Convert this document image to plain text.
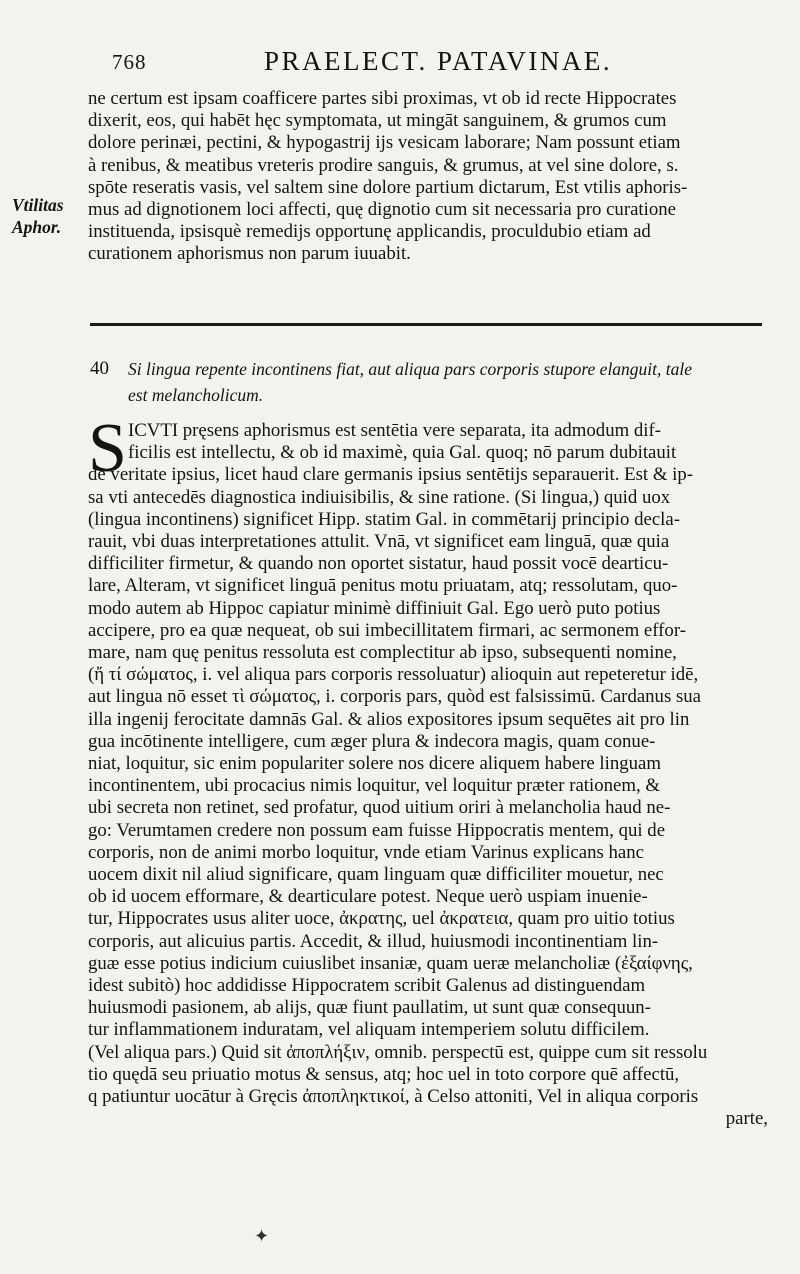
768	PRAELECT. PATAVINAE.
ne certum est ipsam coafficere partes sibi proximas, vt ob id recte Hippocrates
dixerit, eos, qui habēt hęc symptomata, ut mingāt sanguinem, & grumos cum
dolore perinæi, pectini, & hypogastrij ijs vesicam laborare; Nam possunt etiam
à renibus, & meatibus vreteris prodire sanguis, & grumus, at vel sine dolore, s.
spōte reseratis vasis, vel saltem sine dolore partium dictarum, Est vtilis aphoris-
mus ad dignotionem loci affecti, quę dignotio cum sit necessaria pro curatione
instituenda, ipsisquè remedijs opportunę applicandis, proculdubio etiam ad
curationem aphorismus non parum iuuabit.
Vtilitas
Aphor.
40 Si lingua repente incontinens fiat, aut aliqua pars corporis stupore elanguit, tale
est melancholicum.
S ICVTI pręsens aphorismus est sentētia vere separata, ita admodum dif-
ficilis est intellectu, & ob id maximè, quia Gal. quoq; nō parum dubitauit
de veritate ipsius, licet haud clare germanis ipsius sentētijs separauerit. Est & ip-
sa vti antecedēs diagnostica indiuisibilis, & sine ratione. (Si lingua,) quid uox
(lingua incontinens) significet Hipp. statim Gal. in commētarij principio decla-
rauit, vbi duas interpretationes attulit. Vnā, vt significet eam linguā, quæ quia
difficiliter firmetur, & quando non oportet sistatur, haud possit vocē dearticu-
lare, Alteram, vt significet linguā penitus motu priuatam, atq; ressolutam, quo-
modo autem ab Hippoc capiatur minimè diffiniuit Gal. Ego uerò puto potius
accipere, pro ea quæ nequeat, ob sui imbecillitatem firmari, ac sermonem effor-
mare, nam quę penitus ressoluta est complectitur ab ipso, subsequenti nomine,
(ἤ τί σώματος, i. vel aliqua pars corporis ressoluatur) alioquin aut repeteretur idē,
aut lingua nō esset τὶ σώματος, i. corporis pars, quòd est falsissimū. Cardanus sua
illa ingenij ferocitate damnās Gal. & alios expositores ipsum sequētes ait pro lin
gua incōtinente intelligere, cum æger plura & indecora magis, quam conue-
niat, loquitur, sic enim populariter solere nos dicere aliquem habere linguam
incontinentem, ubi procacius nimis loquitur, vel loquitur præter rationem, &
ubi secreta non retinet, sed profatur, quod uitium oriri à melancholia haud ne-
go: Verumtamen credere non possum eam fuisse Hippocratis mentem, qui de
corporis, non de animi morbo loquitur, vnde etiam Varinus explicans hanc
uocem dixit nil aliud significare, quam linguam quæ difficiliter mouetur, nec
ob id uocem efformare, & dearticulare potest. Neque uerò uspiam inuenie-
tur, Hippocrates usus aliter uoce, ἀκρατης, uel ἀκρατεια, quam pro uitio totius
corporis, aut alicuius partis. Accedit, & illud, huiusmodi incontinentiam lin-
guæ esse potius indicium cuiuslibet insaniæ, quam ueræ melancholiæ (ἐξαίφνης,
idest subitò) hoc addidisse Hippocratem scribit Galenus ad distinguendam
huiusmodi pasionem, ab alijs, quæ fiunt paullatim, ut sunt quæ consequun-
tur inflammationem induratam, vel aliquam intemperiem solutu difficilem.
(Vel aliqua pars.) Quid sit ἀποπλήξιν, omnib. perspectū est, quippe cum sit ressolu
tio quędā seu priuatio motus & sensus, atq; hoc uel in toto corpore quē affectū,
q patiuntur uocātur à Gręcis ἀποπληκτικοί, à Celso attoniti, Vel in aliqua corporis
parte,
✦
